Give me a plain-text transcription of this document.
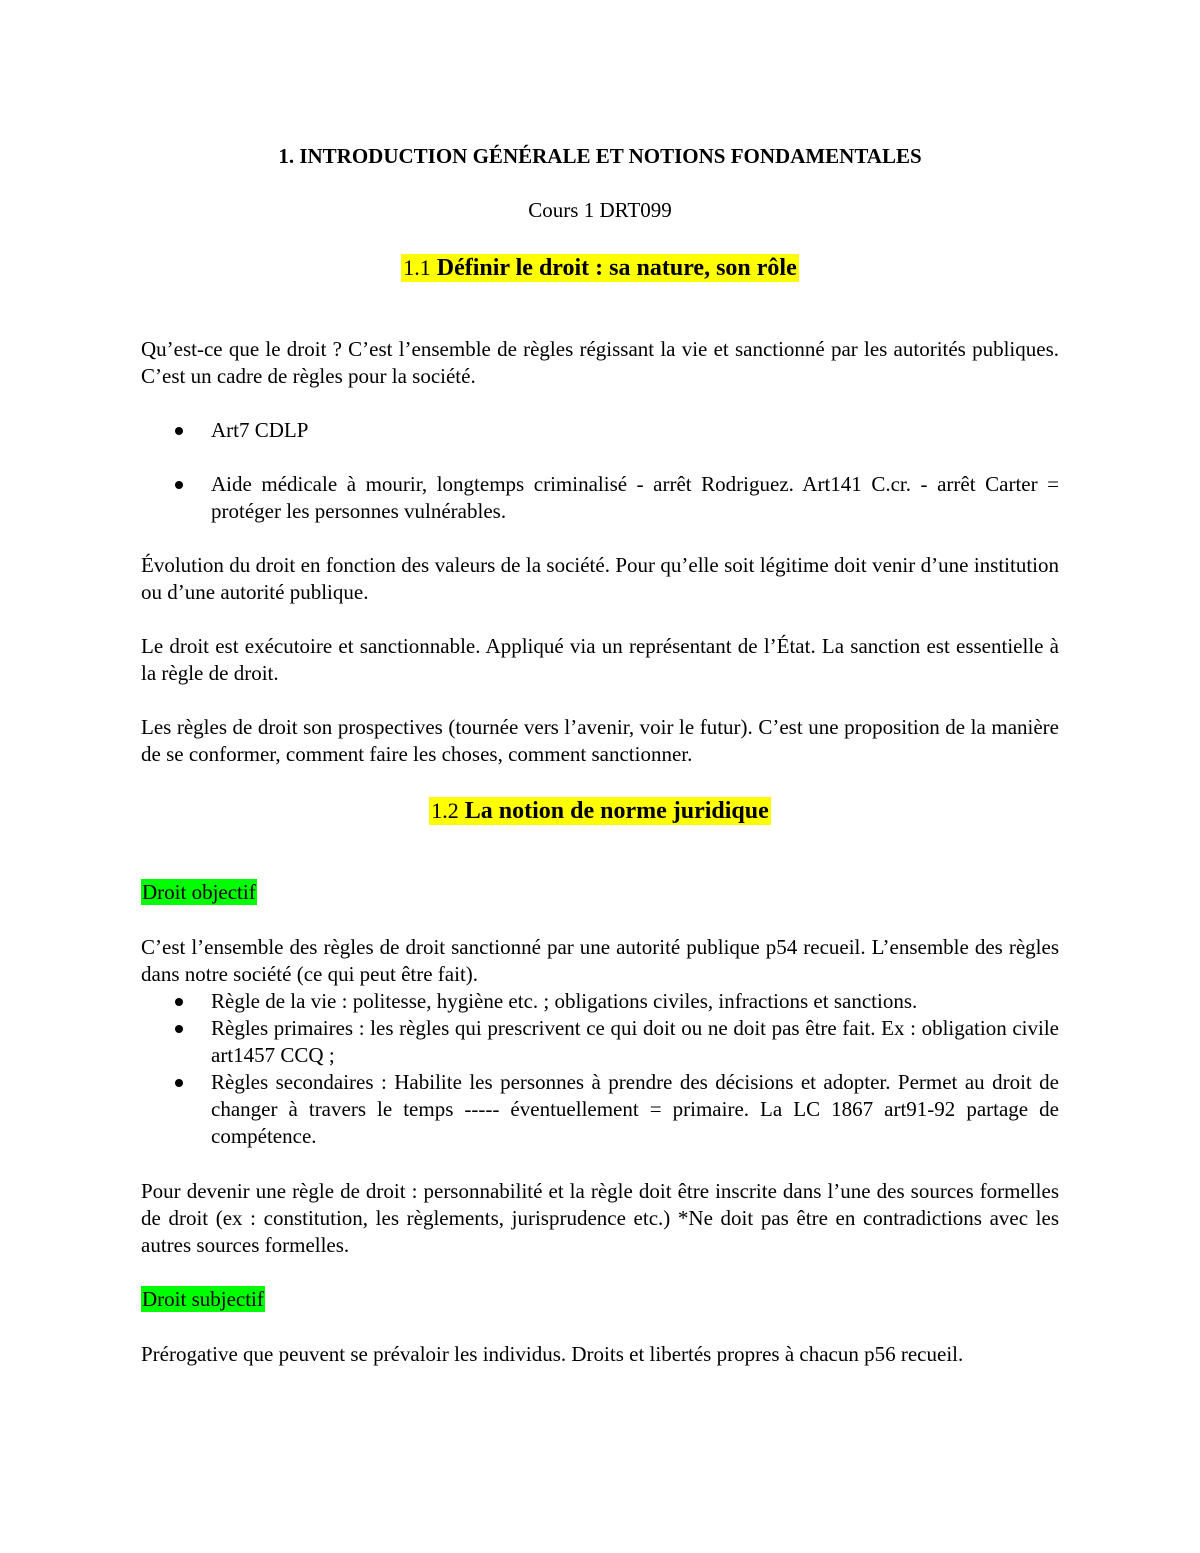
1. INTRODUCTION GÉNÉRALE ET NOTIONS FONDAMENTALES

Cours 1 DRT099

1.1 Définir le droit : sa nature, son rôle

Qu’est-ce que le droit ? C’est l’ensemble de règles régissant la vie et sanctionné par les autorités publiques. C’est un cadre de règles pour la société.

Art7 CDLP
Aide médicale à mourir, longtemps criminalisé - arrêt Rodriguez. Art141 C.cr. - arrêt Carter = protéger les personnes vulnérables.

Évolution du droit en fonction des valeurs de la société. Pour qu’elle soit légitime doit venir d’une institution ou d’une autorité publique.

Le droit est exécutoire et sanctionnable. Appliqué via un représentant de l’État. La sanction est essentielle à la règle de droit.

Les règles de droit son prospectives (tournée vers l’avenir, voir le futur). C’est une proposition de la manière de se conformer, comment faire les choses, comment sanctionner.

1.2 La notion de norme juridique

Droit objectif

C’est l’ensemble des règles de droit sanctionné par une autorité publique p54 recueil. L’ensemble des règles dans notre société (ce qui peut être fait).

Règle de la vie : politesse, hygiène etc. ; obligations civiles, infractions et sanctions.
Règles primaires : les règles qui prescrivent ce qui doit ou ne doit pas être fait. Ex : obligation civile art1457 CCQ ;
Règles secondaires : Habilite les personnes à prendre des décisions et adopter. Permet au droit de changer à travers le temps ----- éventuellement = primaire. La LC 1867 art91-92 partage de compétence.

Pour devenir une règle de droit : personnabilité et la règle doit être inscrite dans l’une des sources formelles de droit (ex : constitution, les règlements, jurisprudence etc.) *Ne doit pas être en contradictions avec les autres sources formelles.

Droit subjectif

Prérogative que peuvent se prévaloir les individus. Droits et libertés propres à chacun p56 recueil.
